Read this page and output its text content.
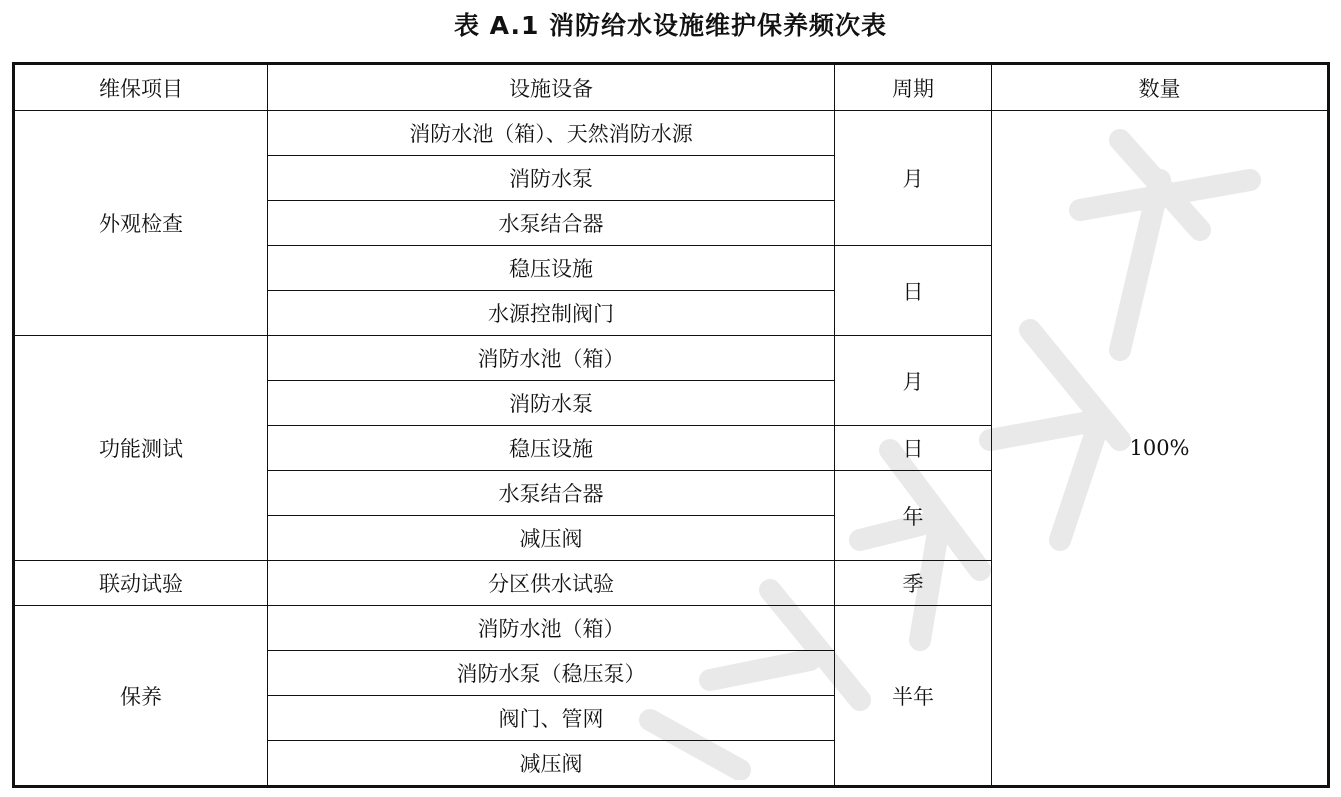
表 A.1 消防给水设施维护保养频次表
维保项目	设施设备	周期	数量
外观检查	消防水池（箱）、天然消防水源	月	100%
	消防水泵		
	水泵结合器		
	稳压设施	日	
	水源控制阀门		
功能测试	消防水池（箱）	月	
	消防水泵		
	稳压设施	日	
	水泵结合器	年	
	减压阀		
联动试验	分区供水试验	季	
保养	消防水池（箱）	半年	
	消防水泵（稳压泵）		
	阀门、管网		
	减压阀		
